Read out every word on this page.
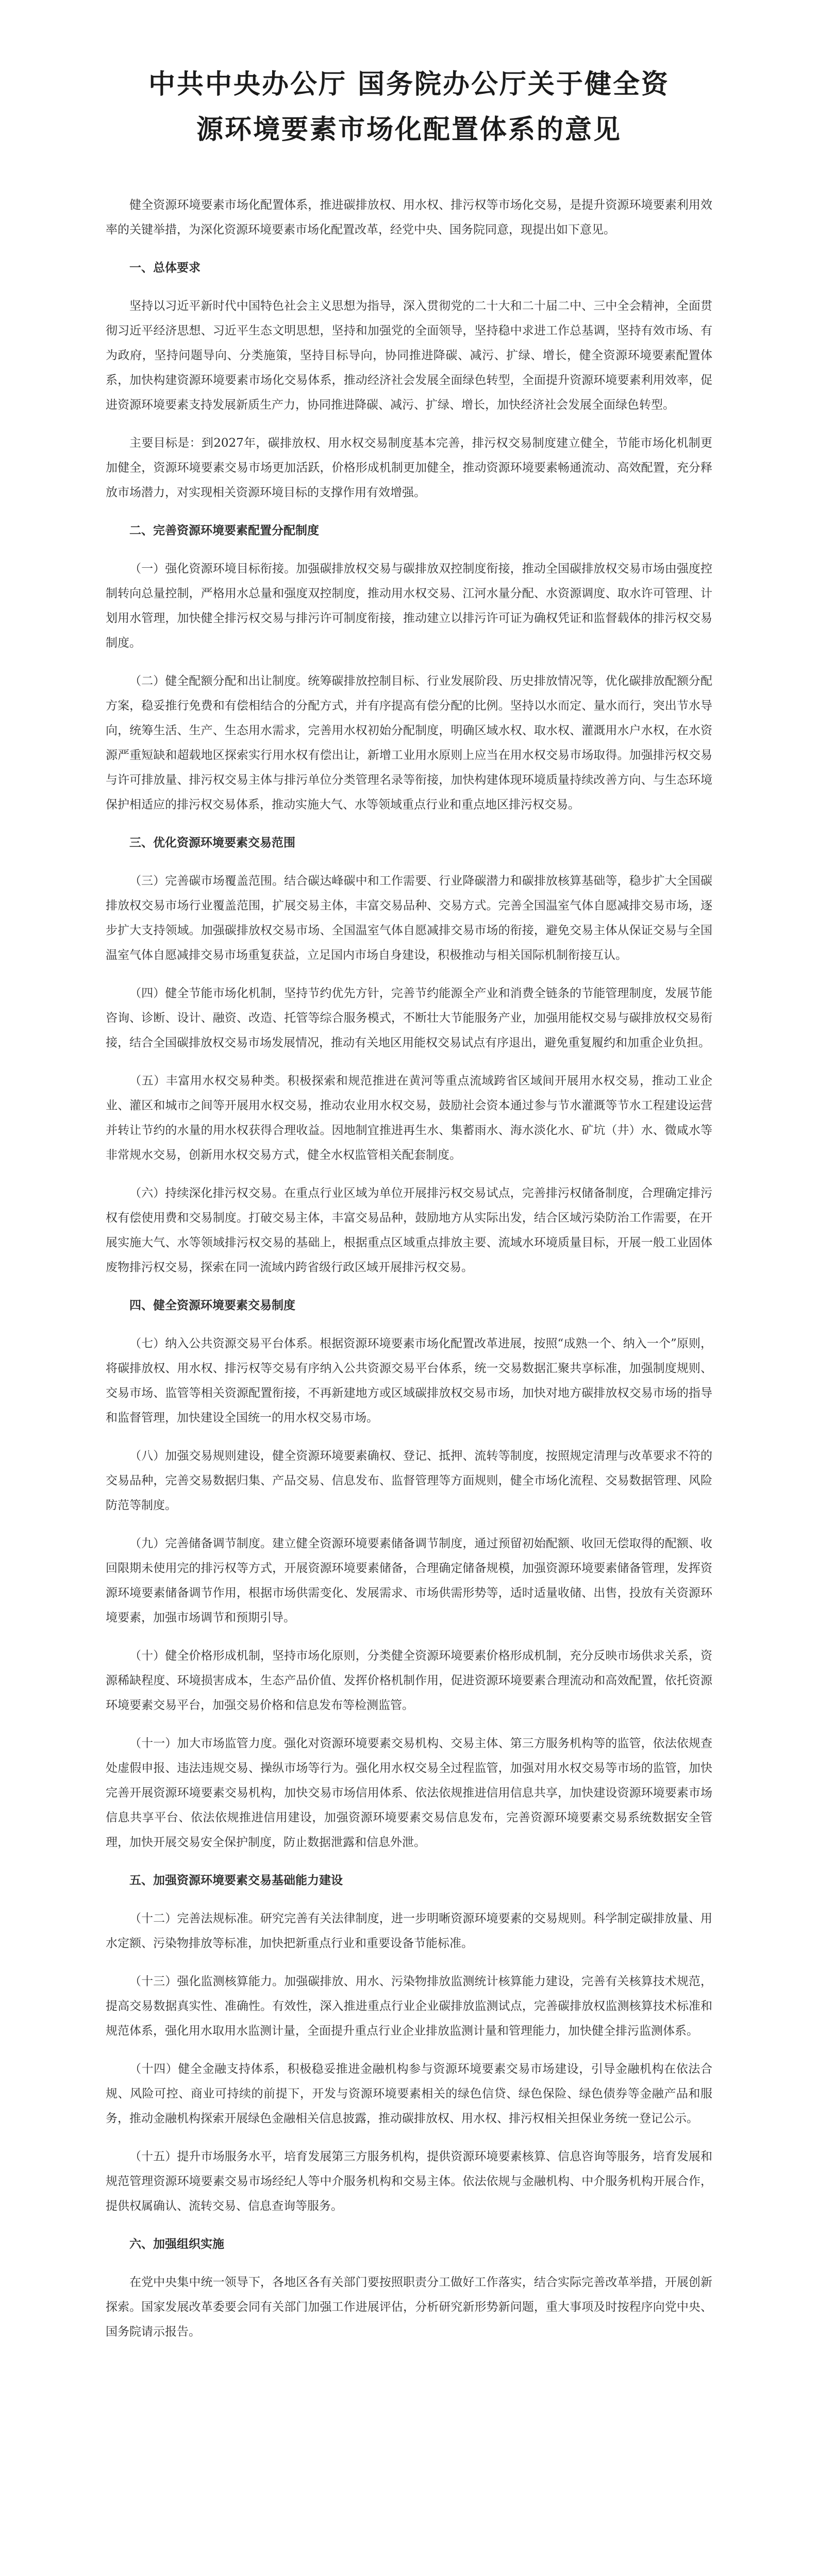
中共中央办公厅 国务院办公厅关于健全资
源环境要素市场化配置体系的意见

健全资源环境要素市场化配置体系，推进碳排放权、用水权、排污权等市场化交易，是提升资源环境要素利用效率的关键举措，为深化资源环境要素市场化配置改革，经党中央、国务院同意，现提出如下意见。

一、总体要求

坚持以习近平新时代中国特色社会主义思想为指导，深入贯彻党的二十大和二十届二中、三中全会精神，全面贯彻习近平经济思想、习近平生态文明思想，坚持和加强党的全面领导，坚持稳中求进工作总基调，坚持有效市场、有为政府，坚持问题导向、分类施策，坚持目标导向，协同推进降碳、减污、扩绿、增长，健全资源环境要素配置体系，加快构建资源环境要素市场化交易体系，推动经济社会发展全面绿色转型，全面提升资源环境要素利用效率，促进资源环境要素支持发展新质生产力，协同推进降碳、减污、扩绿、增长，加快经济社会发展全面绿色转型。

主要目标是：到2027年，碳排放权、用水权交易制度基本完善，排污权交易制度建立健全，节能市场化机制更加健全，资源环境要素交易市场更加活跃，价格形成机制更加健全，推动资源环境要素畅通流动、高效配置，充分释放市场潜力，对实现相关资源环境目标的支撑作用有效增强。

二、完善资源环境要素配置分配制度

（一）强化资源环境目标衔接。加强碳排放权交易与碳排放双控制度衔接，推动全国碳排放权交易市场由强度控制转向总量控制，严格用水总量和强度双控制度，推动用水权交易、江河水量分配、水资源调度、取水许可管理、计划用水管理，加快健全排污权交易与排污许可制度衔接，推动建立以排污许可证为确权凭证和监督载体的排污权交易制度。

（二）健全配额分配和出让制度。统筹碳排放控制目标、行业发展阶段、历史排放情况等，优化碳排放配额分配方案，稳妥推行免费和有偿相结合的分配方式，并有序提高有偿分配的比例。坚持以水而定、量水而行，突出节水导向，统筹生活、生产、生态用水需求，完善用水权初始分配制度，明确区域水权、取水权、灌溉用水户水权，在水资源严重短缺和超载地区探索实行用水权有偿出让，新增工业用水原则上应当在用水权交易市场取得。加强排污权交易与许可排放量、排污权交易主体与排污单位分类管理名录等衔接，加快构建体现环境质量持续改善方向、与生态环境保护相适应的排污权交易体系，推动实施大气、水等领域重点行业和重点地区排污权交易。

三、优化资源环境要素交易范围

（三）完善碳市场覆盖范围。结合碳达峰碳中和工作需要、行业降碳潜力和碳排放核算基础等，稳步扩大全国碳排放权交易市场行业覆盖范围，扩展交易主体，丰富交易品种、交易方式。完善全国温室气体自愿减排交易市场，逐步扩大支持领域。加强碳排放权交易市场、全国温室气体自愿减排交易市场的衔接，避免交易主体从保证交易与全国温室气体自愿减排交易市场重复获益，立足国内市场自身建设，积极推动与相关国际机制衔接互认。

（四）健全节能市场化机制，坚持节约优先方针，完善节约能源全产业和消费全链条的节能管理制度，发展节能咨询、诊断、设计、融资、改造、托管等综合服务模式，不断壮大节能服务产业，加强用能权交易与碳排放权交易衔接，结合全国碳排放权交易市场发展情况，推动有关地区用能权交易试点有序退出，避免重复履约和加重企业负担。

（五）丰富用水权交易种类。积极探索和规范推进在黄河等重点流域跨省区域间开展用水权交易，推动工业企业、灌区和城市之间等开展用水权交易，推动农业用水权交易，鼓励社会资本通过参与节水灌溉等节水工程建设运营并转让节约的水量的用水权获得合理收益。因地制宜推进再生水、集蓄雨水、海水淡化水、矿坑（井）水、微咸水等非常规水交易，创新用水权交易方式，健全水权监管相关配套制度。

（六）持续深化排污权交易。在重点行业区域为单位开展排污权交易试点，完善排污权储备制度，合理确定排污权有偿使用费和交易制度。打破交易主体，丰富交易品种，鼓励地方从实际出发，结合区域污染防治工作需要，在开展实施大气、水等领域排污权交易的基础上，根据重点区域重点排放主要、流域水环境质量目标，开展一般工业固体废物排污权交易，探索在同一流域内跨省级行政区域开展排污权交易。

四、健全资源环境要素交易制度

（七）纳入公共资源交易平台体系。根据资源环境要素市场化配置改革进展，按照“成熟一个、纳入一个”原则，将碳排放权、用水权、排污权等交易有序纳入公共资源交易平台体系，统一交易数据汇聚共享标准，加强制度规则、交易市场、监管等相关资源配置衔接，不再新建地方或区域碳排放权交易市场，加快对地方碳排放权交易市场的指导和监督管理，加快建设全国统一的用水权交易市场。

（八）加强交易规则建设，健全资源环境要素确权、登记、抵押、流转等制度，按照规定清理与改革要求不符的交易品种，完善交易数据归集、产品交易、信息发布、监督管理等方面规则，健全市场化流程、交易数据管理、风险防范等制度。

（九）完善储备调节制度。建立健全资源环境要素储备调节制度，通过预留初始配额、收回无偿取得的配额、收回限期未使用完的排污权等方式，开展资源环境要素储备，合理确定储备规模，加强资源环境要素储备管理，发挥资源环境要素储备调节作用，根据市场供需变化、发展需求、市场供需形势等，适时适量收储、出售，投放有关资源环境要素，加强市场调节和预期引导。

（十）健全价格形成机制，坚持市场化原则，分类健全资源环境要素价格形成机制，充分反映市场供求关系，资源稀缺程度、环境损害成本，生态产品价值、发挥价格机制作用，促进资源环境要素合理流动和高效配置，依托资源环境要素交易平台，加强交易价格和信息发布等检测监管。

（十一）加大市场监管力度。强化对资源环境要素交易机构、交易主体、第三方服务机构等的监管，依法依规查处虚假申报、违法违规交易、操纵市场等行为。强化用水权交易全过程监管，加强对用水权交易等市场的监管，加快完善开展资源环境要素交易机构，加快交易市场信用体系、依法依规推进信用信息共享，加快建设资源环境要素市场信息共享平台、依法依规推进信用建设，加强资源环境要素交易信息发布，完善资源环境要素交易系统数据安全管理，加快开展交易安全保护制度，防止数据泄露和信息外泄。

五、加强资源环境要素交易基础能力建设

（十二）完善法规标准。研究完善有关法律制度，进一步明晰资源环境要素的交易规则。科学制定碳排放量、用水定额、污染物排放等标准，加快把新重点行业和重要设备节能标准。

（十三）强化监测核算能力。加强碳排放、用水、污染物排放监测统计核算能力建设，完善有关核算技术规范，提高交易数据真实性、准确性。有效性，深入推进重点行业企业碳排放监测试点，完善碳排放权监测核算技术标准和规范体系，强化用水取用水监测计量，全面提升重点行业企业排放监测计量和管理能力，加快健全排污监测体系。

（十四）健全金融支持体系，积极稳妥推进金融机构参与资源环境要素交易市场建设，引导金融机构在依法合规、风险可控、商业可持续的前提下，开发与资源环境要素相关的绿色信贷、绿色保险、绿色债券等金融产品和服务，推动金融机构探索开展绿色金融相关信息披露，推动碳排放权、用水权、排污权相关担保业务统一登记公示。

（十五）提升市场服务水平，培育发展第三方服务机构，提供资源环境要素核算、信息咨询等服务，培育发展和规范管理资源环境要素交易市场经纪人等中介服务机构和交易主体。依法依规与金融机构、中介服务机构开展合作，提供权属确认、流转交易、信息查询等服务。

六、加强组织实施

在党中央集中统一领导下，各地区各有关部门要按照职责分工做好工作落实，结合实际完善改革举措，开展创新探索。国家发展改革委要会同有关部门加强工作进展评估，分析研究新形势新问题，重大事项及时按程序向党中央、国务院请示报告。
